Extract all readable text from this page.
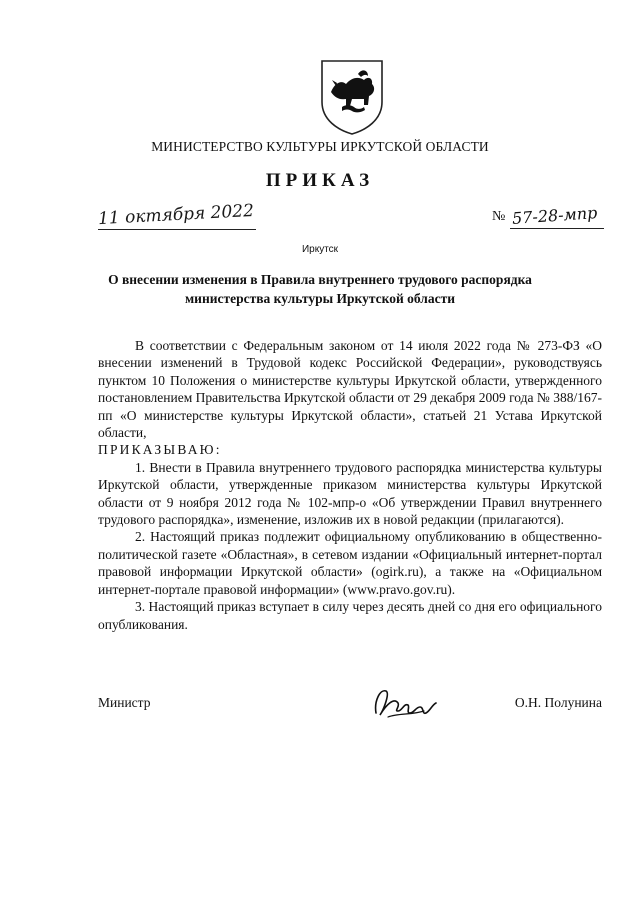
МИНИСТЕРСТВО КУЛЬТУРЫ ИРКУТСКОЙ ОБЛАСТИ
ПРИКАЗ
11 октября 2022	№ 57-28-мпр
Иркутск
О внесении изменения в Правила внутреннего трудового распорядка
министерства культуры Иркутской области

В соответствии с Федеральным законом от 14 июля 2022 года № 273-ФЗ «О внесении изменений в Трудовой кодекс Российской Федерации», руководствуясь пунктом 10 Положения о министерстве культуры Иркутской области, утвержденного постановлением Правительства Иркутской области от 29 декабря 2009 года № 388/167-пп «О министерстве культуры Иркутской области», статьей 21 Устава Иркутской области,

ПРИКАЗЫВАЮ:

1. Внести в Правила внутреннего трудового распорядка министерства культуры Иркутской области, утвержденные приказом министерства культуры Иркутской области от 9 ноября 2012 года № 102-мпр-о «Об утверждении Правил внутреннего трудового распорядка», изменение, изложив их в новой редакции (прилагаются).

2. Настоящий приказ подлежит официальному опубликованию в общественно-политической газете «Областная», в сетевом издании «Официальный интернет-портал правовой информации Иркутской области» (ogirk.ru), а также на «Официальном интернет-портале правовой информации» (www.pravo.gov.ru).

3. Настоящий приказ вступает в силу через десять дней со дня его официального опубликования.

Министр	О.Н. Полунина
